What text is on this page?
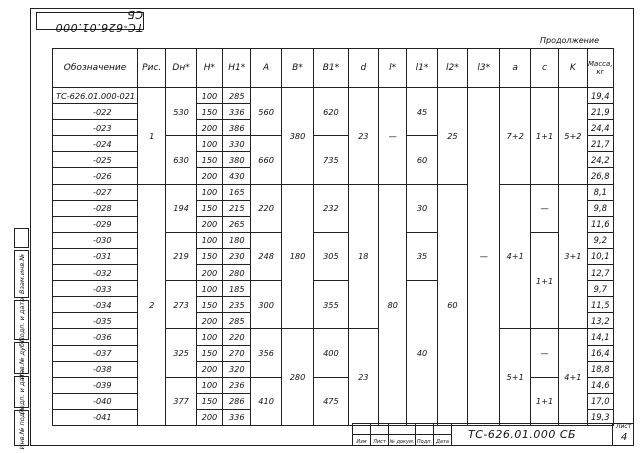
ТС-626.01.000 СБ
Продолжение
Подп. и дата
Инв.№ дубл.
Взам.инв.№
Подп. и дата
Инв.№ подл.
Обозначение	Рис.	Dн*	H*	H1*	A	B*	B1*	d	l*	l1*	l2*	l3*	a	c	K	Масса, кг
ТС-626.01.000-021	1	530	100	285	560	380	620	23	—	45	25	—	7+2	1+1	5+2	19,4
-022			150	336												21,9
-023			200	386												24,4
-024		630	100	330	660		735			60						21,7
-025			150	380												24,2
-026			200	430												26,8
-027	2	194	100	165	220	180	232	18	80	30	60		4+1	—	3+1	8,1
-028			150	215												9,8
-029			200	265												11,6
-030		219	100	180	248		305			35				1+1		9,2
-031			150	230												10,1
-032			200	280												12,7
-033		273	100	185	300		355			40						9,7
-034			150	235												11,5
-035			200	285												13,2
-036		325	100	220	356	280	400	23					5+1	—	4+1	14,1
-037			150	270												16,4
-038			200	320												18,8
-039		377	100	236	410		475							1+1		14,6
-040			150	286												17,0
-041			200	336												19,3

Изм	Лист	№ докум.	Подп.	Дата
ТС-626.01.000 СБ
Лист
4
